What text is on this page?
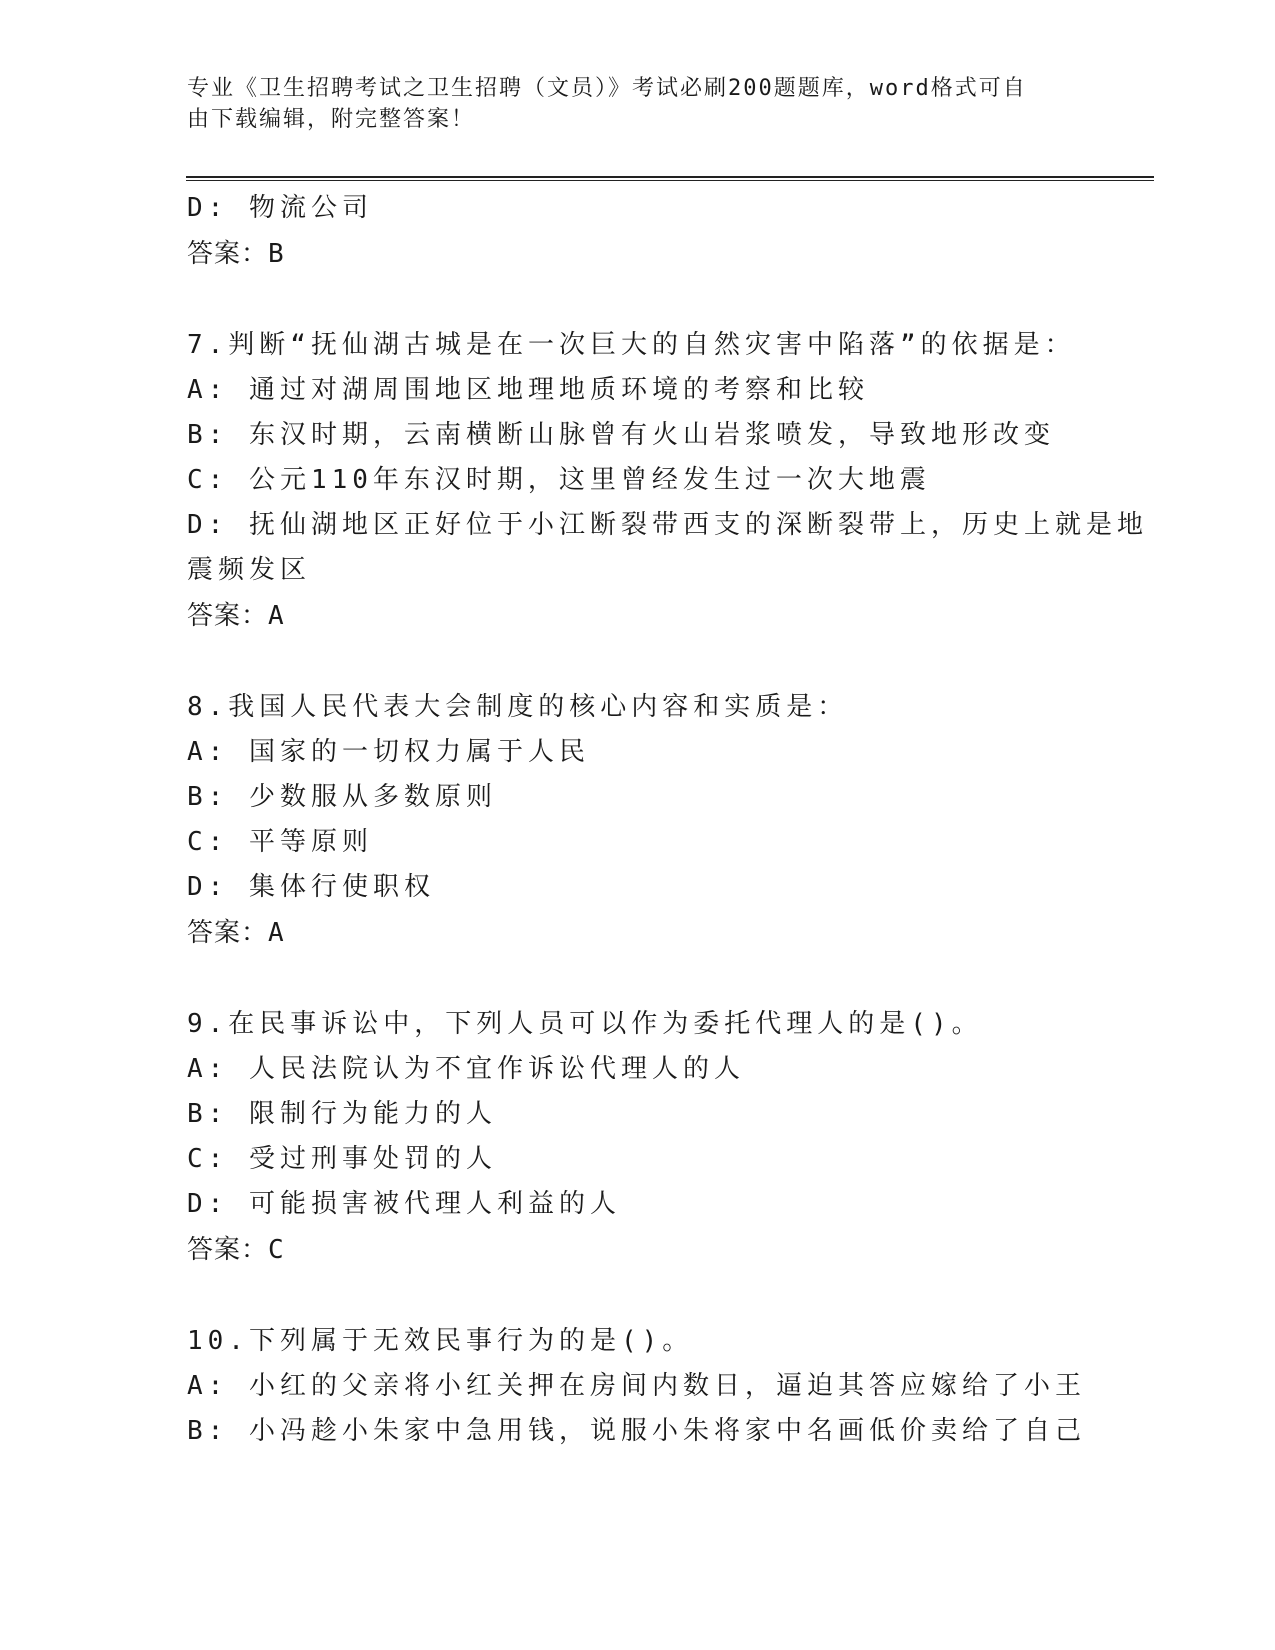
专业《卫生招聘考试之卫生招聘（文员）》考试必刷200题题库，word格式可自
由下载编辑，附完整答案！
D: 物流公司
答案：B
7.判断“抚仙湖古城是在一次巨大的自然灾害中陷落”的依据是：
A: 通过对湖周围地区地理地质环境的考察和比较
B: 东汉时期，云南横断山脉曾有火山岩浆喷发，导致地形改变
C: 公元110年东汉时期，这里曾经发生过一次大地震
D: 抚仙湖地区正好位于小江断裂带西支的深断裂带上，历史上就是地
震频发区
答案：A
8.我国人民代表大会制度的核心内容和实质是：
A: 国家的一切权力属于人民
B: 少数服从多数原则
C: 平等原则
D: 集体行使职权
答案：A
9.在民事诉讼中，下列人员可以作为委托代理人的是()。
A: 人民法院认为不宜作诉讼代理人的人
B: 限制行为能力的人
C: 受过刑事处罚的人
D: 可能损害被代理人利益的人
答案：C
10.下列属于无效民事行为的是()。
A: 小红的父亲将小红关押在房间内数日，逼迫其答应嫁给了小王
B: 小冯趁小朱家中急用钱，说服小朱将家中名画低价卖给了自己
